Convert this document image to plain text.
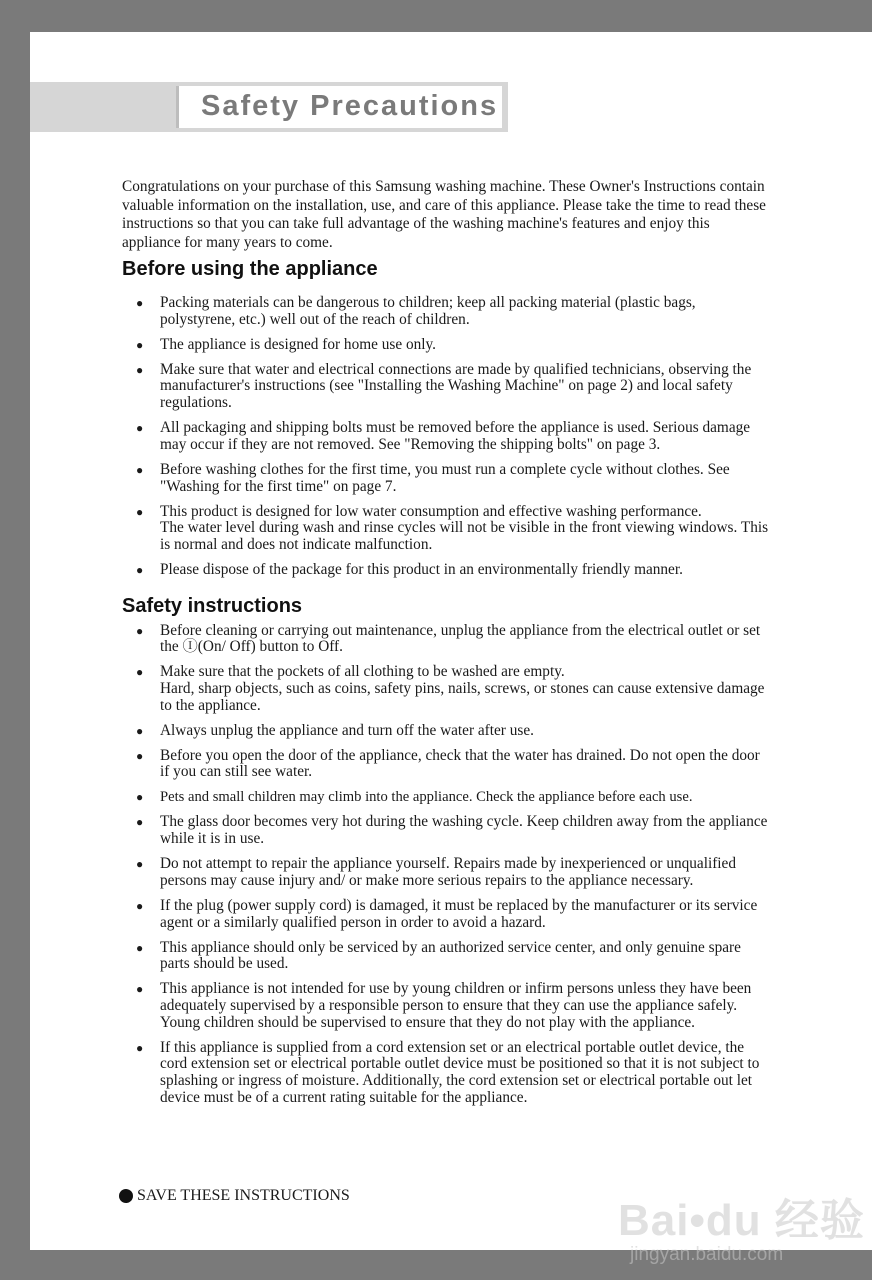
Safety Precautions

Congratulations on your purchase of this Samsung washing machine. These Owner's Instructions contain valuable information on the installation, use, and care of this appliance. Please take the time to read these instructions so that you can take full advantage of the washing machine's features and enjoy this appliance for many years to come.

Before using the appliance
● Packing materials can be dangerous to children; keep all packing material (plastic bags, polystyrene, etc.) well out of the reach of children.
● The appliance is designed for home use only.
● Make sure that water and electrical connections are made by qualified technicians, observing the manufacturer's instructions (see "Installing the Washing Machine" on page 2) and local safety regulations.
● All packaging and shipping bolts must be removed before the appliance is used. Serious damage may occur if they are not removed. See "Removing the shipping bolts" on page 3.
● Before washing clothes for the first time, you must run a complete cycle without clothes. See "Washing for the first time" on page 7.
● This product is designed for low water consumption and effective washing performance.
The water level during wash and rinse cycles will not be visible in the front viewing windows. This is normal and does not indicate malfunction.
● Please dispose of the package for this product in an environmentally friendly manner.
Safety instructions
● Before cleaning or carrying out maintenance, unplug the appliance from the electrical outlet or set the Ⓘ(On/ Off) button to Off.
● Make sure that the pockets of all clothing to be washed are empty.
Hard, sharp objects, such as coins, safety pins, nails, screws, or stones can cause extensive damage to the appliance.
● Always unplug the appliance and turn off the water after use.
● Before you open the door of the appliance, check that the water has drained. Do not open the door if you can still see water.
● Pets and small children may climb into the appliance. Check the appliance before each use.
● The glass door becomes very hot during the washing cycle. Keep children away from the appliance while it is in use.
● Do not attempt to repair the appliance yourself. Repairs made by inexperienced or unqualified persons may cause injury and/ or make more serious repairs to the appliance necessary.
● If the plug (power supply cord) is damaged, it must be replaced by the manufacturer or its service agent or a similarly qualified person in order to avoid a hazard.
● This appliance should only be serviced by an authorized service center, and only genuine spare parts should be used.
● This appliance is not intended for use by young children or infirm persons unless they have been adequately supervised by a responsible person to ensure that they can use the appliance safely. Young children should be supervised to ensure that they do not play with the appliance.
● If this appliance is supplied from a cord extension set or an electrical portable outlet device, the cord extension set or electrical portable outlet device must be positioned so that it is not subject to splashing or ingress of moisture. Additionally, the cord extension set or electrical portable out let device must be of a current rating suitable for the appliance.
SAVE THESE INSTRUCTIONS
Bai•du 经验
jingyan.baidu.com
